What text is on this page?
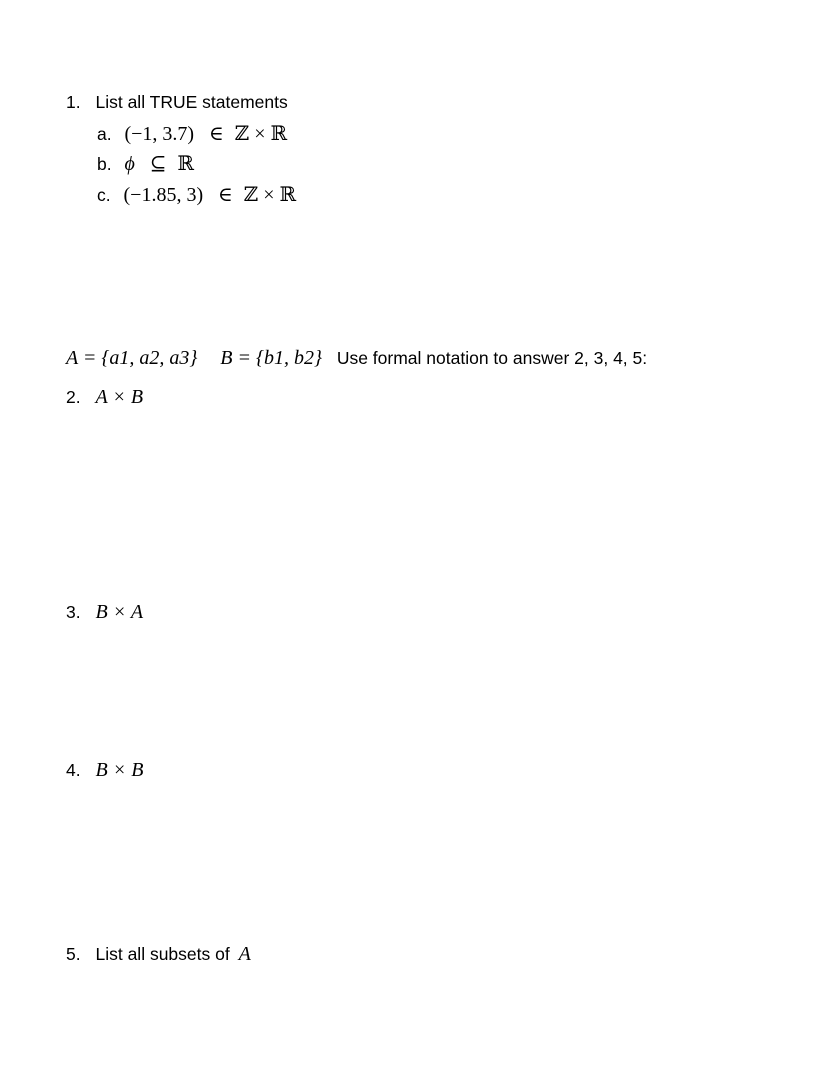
1. List all TRUE statements
a. (−1, 3.7) ∈ ℤ × ℝ
b. ϕ ⊆ ℝ
c. (−1.85, 3) ∈ ℤ × ℝ
A = {a1, a2, a3} B = {b1, b2} Use formal notation to answer 2, 3, 4, 5:
2. A × B
3. B × A
4. B × B
5. List all subsets of A
